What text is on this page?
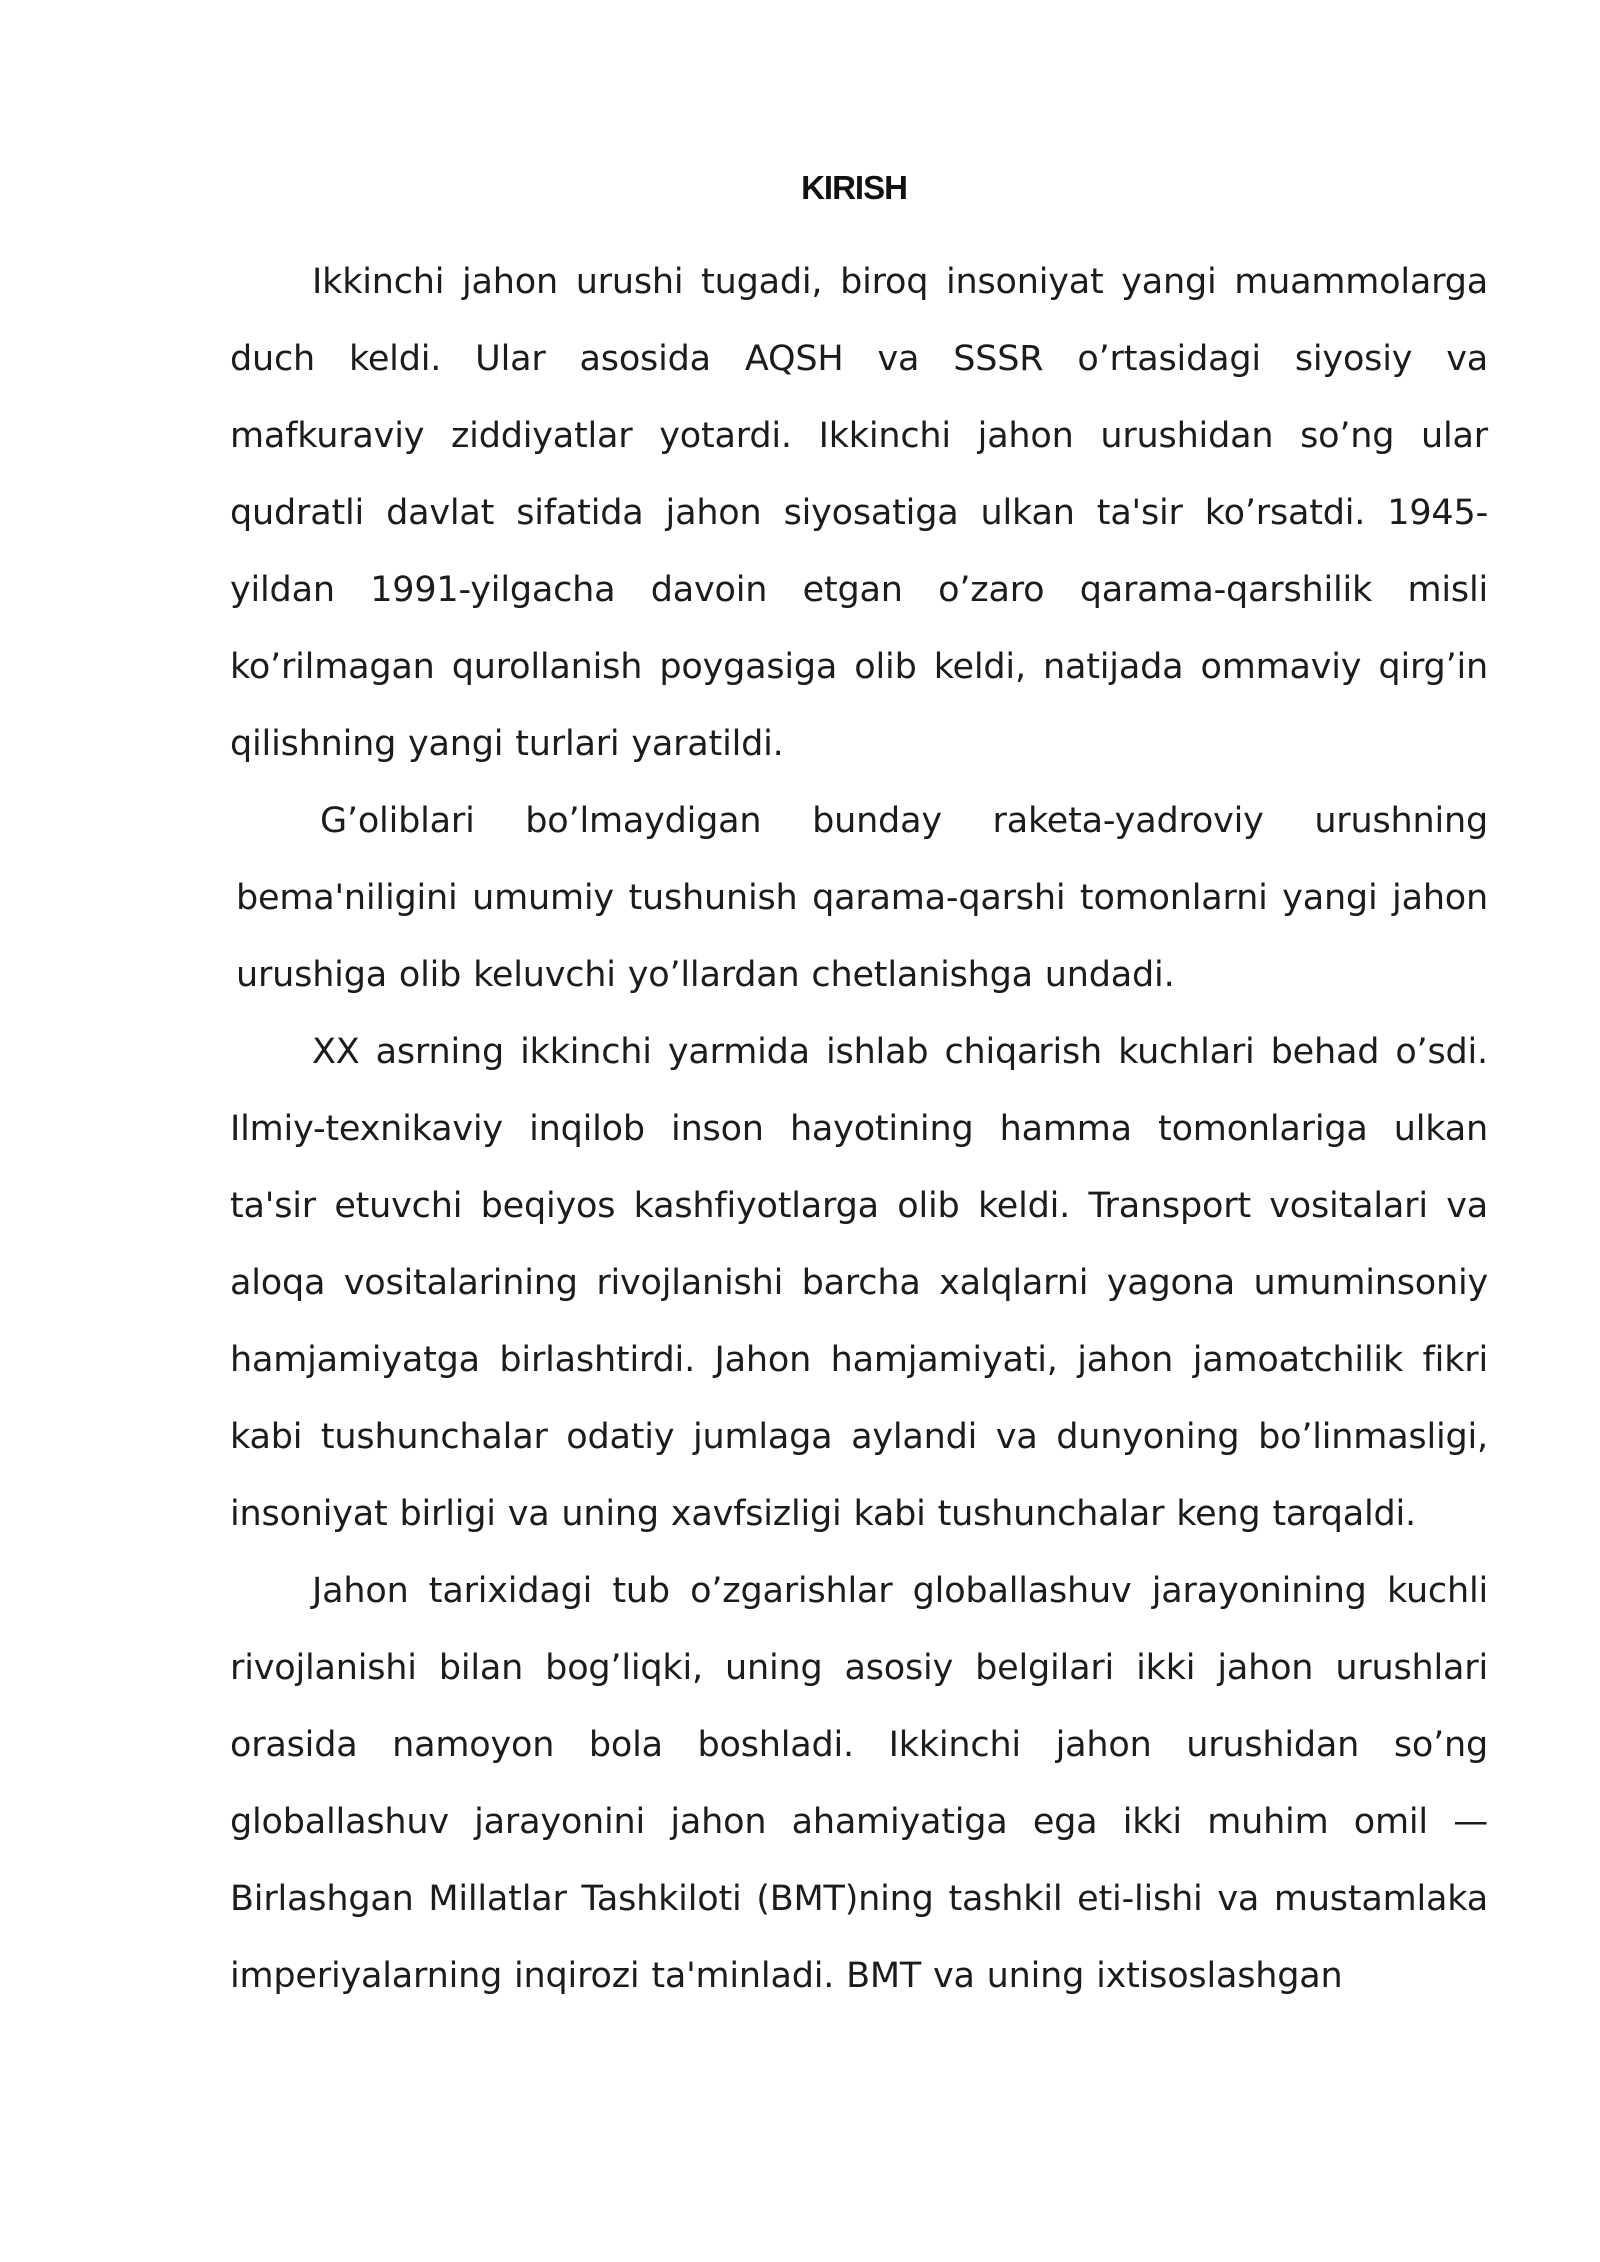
KIRISH

Ikkinchi jahon urushi tugadi, biroq insoniyat yangi muammolarga duch keldi. Ular asosida AQSH va SSSR oʼrtasidagi siyosiy va mafkuraviy ziddiyatlar yotardi. Ikkinchi jahon urushidan soʼng ular qudratli davlat sifatida jahon siyosatiga ulkan ta'sir koʼrsatdi. 1945-yildan 1991-yilgacha davoin etgan oʼzaro qarama-qarshilik misli koʼrilmagan qurollanish poygasiga olib keldi, natijada ommaviy qirgʼin qilishning yangi turlari yaratildi.

Gʼoliblari boʼlmaydigan bunday raketa-yadroviy urushning bema'niligini umumiy tushunish qarama-qarshi tomonlarni yangi jahon urushiga olib keluvchi yoʼllardan chetlanishga undadi.

XX asrning ikkinchi yarmida ishlab chiqarish kuchlari behad oʼsdi. Ilmiy-texnikaviy inqilob inson hayotining hamma tomonlariga ulkan ta'sir etuvchi beqiyos kashfiyotlarga olib keldi. Transport vositalari va aloqa vositalarining rivojlanishi barcha xalqlarni yagona umuminsoniy hamjamiyatga birlashtirdi. Jahon hamjamiyati, jahon jamoatchilik fikri kabi tushunchalar odatiy jumlaga aylandi va dunyoning bo’linmasligi, insoniyat birligi va uning xavfsizligi kabi tushunchalar keng tarqaldi.

Jahon tarixidagi tub oʼzgarishlar globallashuv jarayonining kuchli rivojlanishi bilan bogʼliqki, uning asosiy belgilari ikki jahon urushlari orasida namoyon bola boshladi. Ikkinchi jahon urushidan soʼng globallashuv jarayonini jahon ahamiyatiga ega ikki muhim omil — Birlashgan Millatlar Tashkiloti (BMT)ning tashkil eti-lishi va mustamlaka imperiyalarning inqirozi ta'minladi. BMT va uning ixtisoslashgan
